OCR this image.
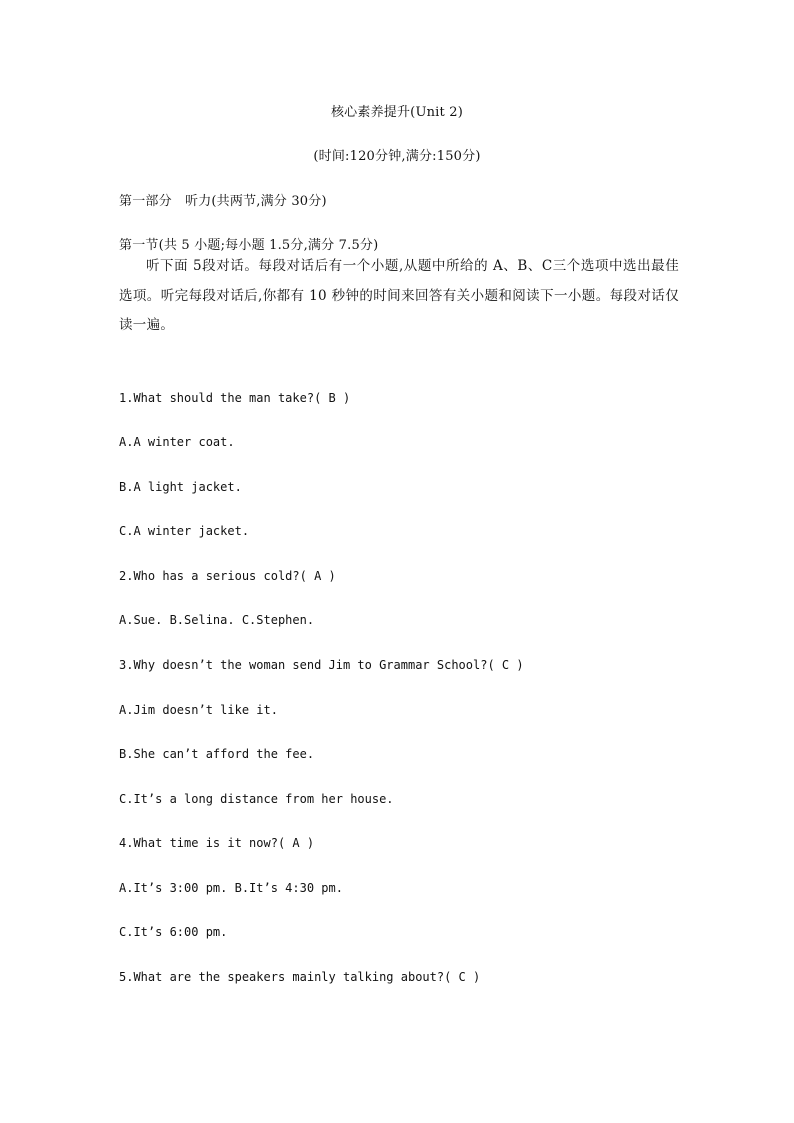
核心素养提升(Unit 2)
(时间:120分钟,满分:150分)
第一部分　听力(共两节,满分 30分)
第一节(共 5 小题;每小题 1.5分,满分 7.5分)
听下面 5段对话。每段对话后有一个小题,从题中所给的 A、B、C三个选项中选出最佳选项。听完每段对话后,你都有 10 秒钟的时间来回答有关小题和阅读下一小题。每段对话仅读一遍。
1.What should the man take?( B )
A.A winter coat.
B.A light jacket.
C.A winter jacket.
2.Who has a serious cold?( A )
A.Sue. B.Selina. C.Stephen.
3.Why doesn’t the woman send Jim to Grammar School?( C )
A.Jim doesn’t like it.
B.She can’t afford the fee.
C.It’s a long distance from her house.
4.What time is it now?( A )
A.It’s 3:00 pm. B.It’s 4:30 pm.
C.It’s 6:00 pm.
5.What are the speakers mainly talking about?( C )
